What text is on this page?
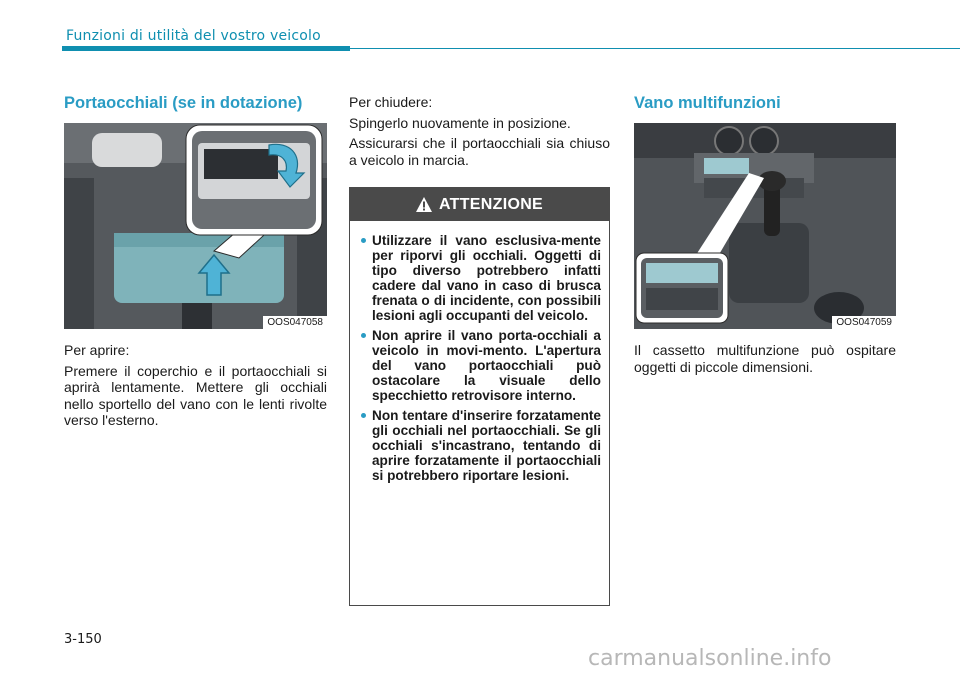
Funzioni di utilità del vostro veicolo
Portaocchiali (se in dotazione)
OOS047058

Per aprire:

Premere il coperchio e il portaocchiali si aprirà lentamente. Mettere gli occhiali nello sportello del vano con le lenti rivolte verso l'esterno.

Per chiudere:

Spingerlo nuovamente in posizione.

Assicurarsi che il portaocchiali sia chiuso a veicolo in marcia.

ATTENZIONE
Utilizzare il vano esclusiva-mente per riporvi gli occhiali. Oggetti di tipo diverso potrebbero infatti cadere dal vano in caso di brusca frenata o di incidente, con possibili lesioni agli occupanti del veicolo.
Non aprire il vano porta-occhiali a veicolo in movi-mento. L'apertura del vano portaocchiali può ostacolare la visuale dello specchietto retrovisore interno.
Non tentare d'inserire forzatamente gli occhiali nel portaocchiali. Se gli occhiali s'incastrano, tentando di aprire forzatamente il portaocchiali si potrebbero riportare lesioni.
Vano multifunzioni
OOS047059

Il cassetto multifunzione può ospitare oggetti di piccole dimensioni.

3-150
carmanualsonline.info
